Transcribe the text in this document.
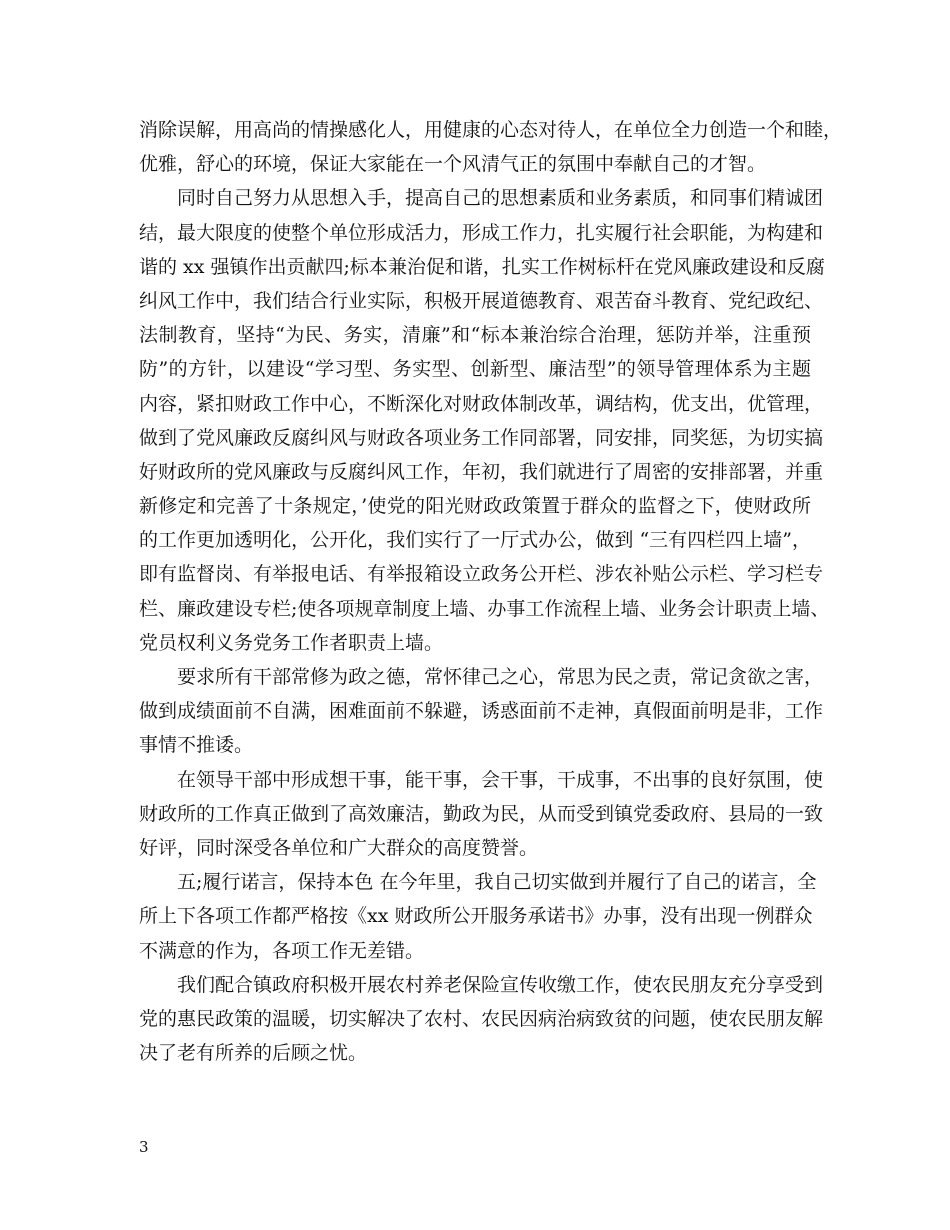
消除误解，用高尚的情操感化人，用健康的心态对待人，在单位全力创造一个和睦，
优雅，舒心的环境，保证大家能在一个风清气正的氛围中奉献自己的才智。
同时自己努力从思想入手，提高自己的思想素质和业务素质，和同事们精诚团
结，最大限度的使整个单位形成活力，形成工作力，扎实履行社会职能，为构建和
谐的 xx 强镇作出贡献四;标本兼治促和谐，扎实工作树标杆在党风廉政建设和反腐
纠风工作中，我们结合行业实际，积极开展道德教育、艰苦奋斗教育、党纪政纪、
法制教育，坚持“为民、务实，清廉”和“标本兼治综合治理，惩防并举，注重预
防”的方针，以建设“学习型、务实型、创新型、廉洁型”的领导管理体系为主题
内容，紧扣财政工作中心，不断深化对财政体制改革，调结构，优支出，优管理，
做到了党风廉政反腐纠风与财政各项业务工作同部署，同安排，同奖惩，为切实搞
好财政所的党风廉政与反腐纠风工作，年初，我们就进行了周密的安排部署，并重
新修定和完善了十条规定，’使党的阳光财政政策置于群众的监督之下，使财政所
的工作更加透明化，公开化，我们实行了一厅式办公，做到 “三有四栏四上墙”，
即有监督岗、有举报电话、有举报箱设立政务公开栏、涉农补贴公示栏、学习栏专
栏、廉政建设专栏;使各项规章制度上墙、办事工作流程上墙、业务会计职责上墙、
党员权利义务党务工作者职责上墙。
要求所有干部常修为政之德，常怀律己之心，常思为民之责，常记贪欲之害，
做到成绩面前不自满，困难面前不躲避，诱惑面前不走神，真假面前明是非，工作
事情不推诿。
在领导干部中形成想干事，能干事，会干事，干成事，不出事的良好氛围，使
财政所的工作真正做到了高效廉洁，勤政为民，从而受到镇党委政府、县局的一致
好评，同时深受各单位和广大群众的高度赞誉。
五;履行诺言，保持本色 在今年里，我自己切实做到并履行了自己的诺言，全
所上下各项工作都严格按《xx 财政所公开服务承诺书》办事，没有出现一例群众
不满意的作为，各项工作无差错。
我们配合镇政府积极开展农村养老保险宣传收缴工作，使农民朋友充分享受到
党的惠民政策的温暖，切实解决了农村、农民因病治病致贫的问题，使农民朋友解
决了老有所养的后顾之忧。
3
